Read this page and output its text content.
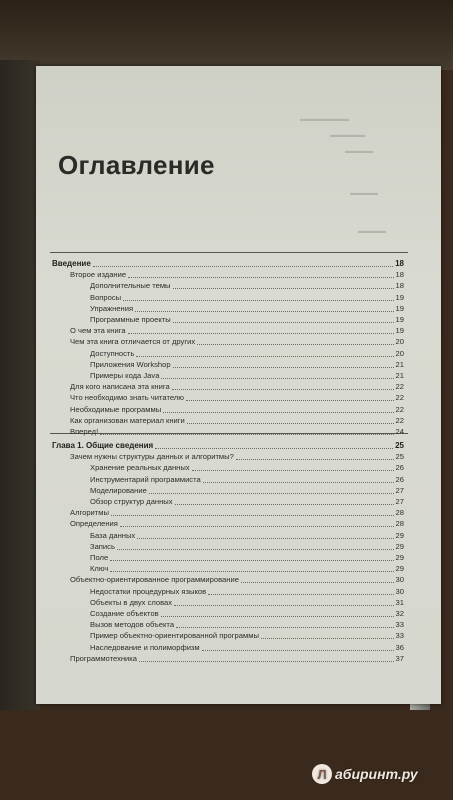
▬▬▬▬▬▬▬
▬▬▬▬▬
▬▬▬▬
▬▬▬▬
▬▬▬▬
Оглавление
Введение	18
Второе издание	18
Дополнительные темы	18
Вопросы	19
Упражнения	19
Программные проекты	19
О чем эта книга	19
Чем эта книга отличается от других	20
Доступность	20
Приложения Workshop	21
Примеры кода Java	21
Для кого написана эта книга	22
Что необходимо знать читателю	22
Необходимые программы	22
Как организован материал книги	22
Вперед!	24
Глава 1. Общие сведения	25
Зачем нужны структуры данных и алгоритмы?	25
Хранение реальных данных	26
Инструментарий программиста	26
Моделирование	27
Обзор структур данных	27
Алгоритмы	28
Определения	28
База данных	29
Запись	29
Поле	29
Ключ	29
Объектно-ориентированное программирование	30
Недостатки процедурных языков	30
Объекты в двух словах	31
Создание объектов	32
Вызов методов объекта	33
Пример объектно-ориентированной программы	33
Наследование и полиморфизм	36
Программотехника	37
Л абиринт.ру
